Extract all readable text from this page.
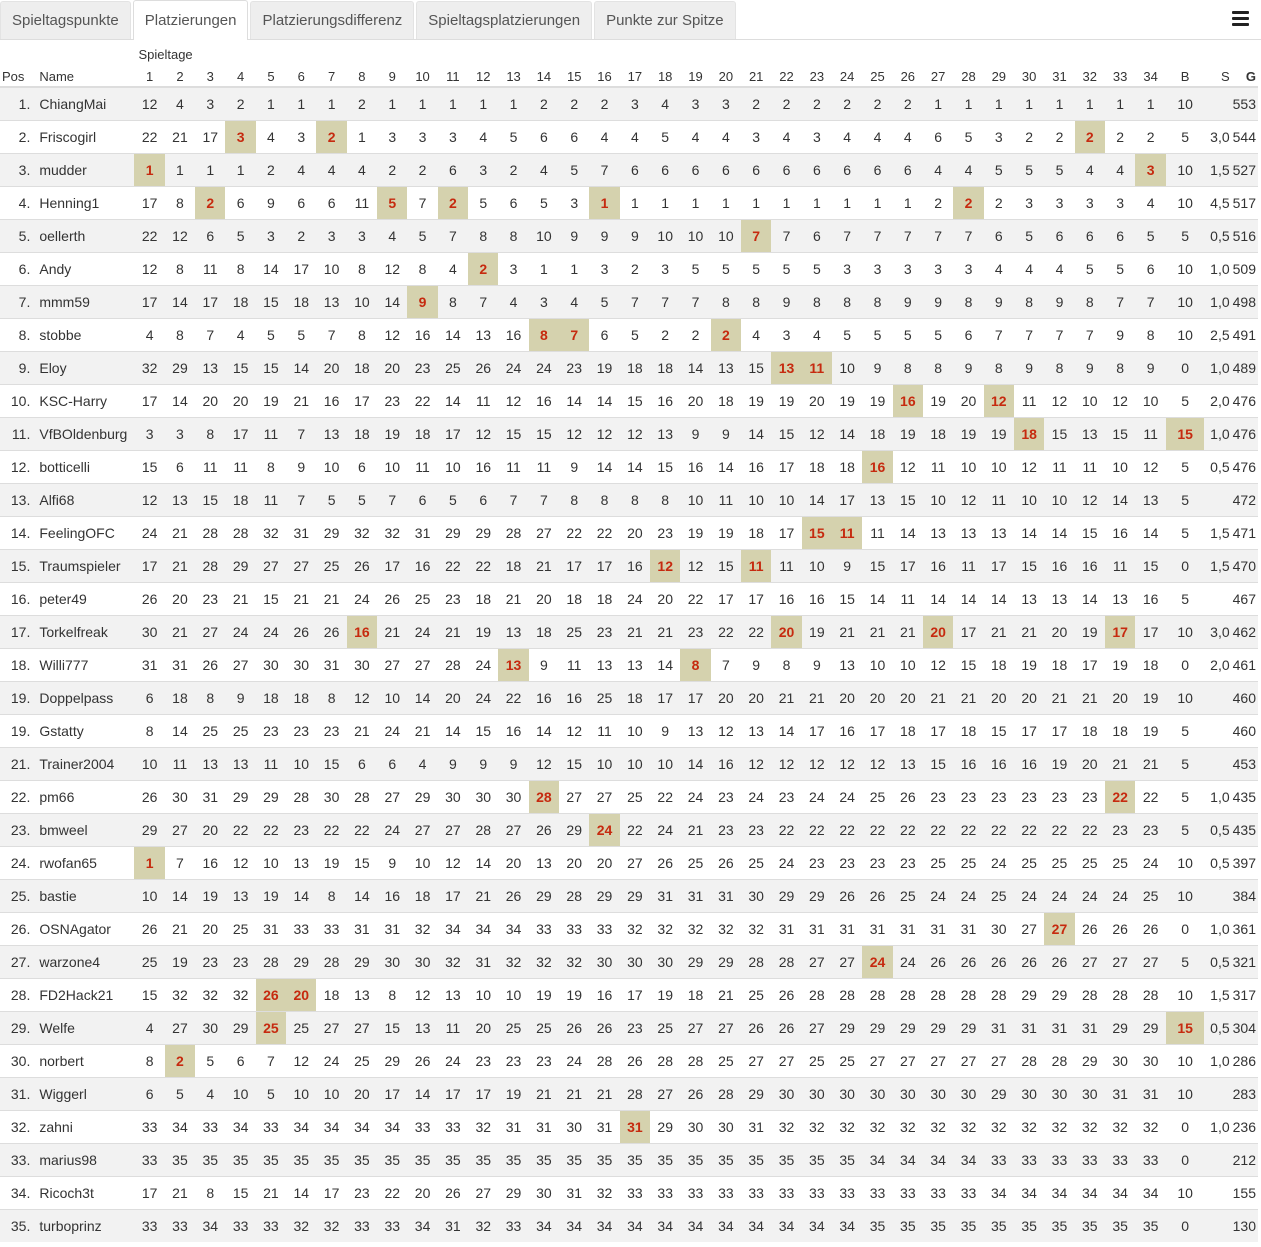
Spieltagspunkte	Platzierungen	Platzierungsdifferenz	Spieltagsplatzierungen	Punkte zur Spitze
		Spieltage																																				
Pos	Name	1	2	3	4	5	6	7	8	9	10	11	12	13	14	15	16	17	18	19	20	21	22	23	24	25	26	27	28	29	30	31	32	33	34	B	S	G
1.	ChiangMai	12	4	3	2	1	1	1	2	1	1	1	1	1	2	2	2	3	4	3	3	2	2	2	2	2	2	1	1	1	1	1	1	1	1	10		553
2.	Friscogirl	22	21	17	3	4	3	2	1	3	3	3	4	5	6	6	4	4	5	4	4	3	4	3	4	4	4	6	5	3	2	2	2	2	2	5	3,0	544
3.	mudder	1	1	1	1	2	4	4	4	2	2	6	3	2	4	5	7	6	6	6	6	6	6	6	6	6	6	4	4	5	5	5	4	4	3	10	1,5	527
4.	Henning1	17	8	2	6	9	6	6	11	5	7	2	5	6	5	3	1	1	1	1	1	1	1	1	1	1	1	2	2	2	3	3	3	3	4	10	4,5	517
5.	oellerth	22	12	6	5	3	2	3	3	4	5	7	8	8	10	9	9	9	10	10	10	7	7	6	7	7	7	7	7	6	5	6	6	6	5	5	0,5	516
6.	Andy	12	8	11	8	14	17	10	8	12	8	4	2	3	1	1	3	2	3	5	5	5	5	5	3	3	3	3	3	4	4	4	5	5	6	10	1,0	509
7.	mmm59	17	14	17	18	15	18	13	10	14	9	8	7	4	3	4	5	7	7	7	8	8	9	8	8	8	9	9	8	9	8	9	8	7	7	10	1,0	498
8.	stobbe	4	8	7	4	5	5	7	8	12	16	14	13	16	8	7	6	5	2	2	2	4	3	4	5	5	5	5	6	7	7	7	7	9	8	10	2,5	491
9.	Eloy	32	29	13	15	15	14	20	18	20	23	25	26	24	24	23	19	18	18	14	13	15	13	11	10	9	8	8	9	8	9	8	9	8	9	0	1,0	489
10.	KSC-Harry	17	14	20	20	19	21	16	17	23	22	14	11	12	16	14	14	15	16	20	18	19	19	20	19	19	16	19	20	12	11	12	10	12	10	5	2,0	476
11.	VfBOldenburg	3	3	8	17	11	7	13	18	19	18	17	12	15	15	12	12	12	13	9	9	14	15	12	14	18	19	18	19	19	18	15	13	15	11	15	1,0	476
12.	botticelli	15	6	11	11	8	9	10	6	10	11	10	16	11	11	9	14	14	15	16	14	16	17	18	18	16	12	11	10	10	12	11	11	10	12	5	0,5	476
13.	Alfi68	12	13	15	18	11	7	5	5	7	6	5	6	7	7	8	8	8	8	10	11	10	10	14	17	13	15	10	12	11	10	10	12	14	13	5		472
14.	FeelingOFC	24	21	28	28	32	31	29	32	32	31	29	29	28	27	22	22	20	23	19	19	18	17	15	11	11	14	13	13	13	14	14	15	16	14	5	1,5	471
15.	Traumspieler	17	21	28	29	27	27	25	26	17	16	22	22	18	21	17	17	16	12	12	15	11	11	10	9	15	17	16	11	17	15	16	16	11	15	0	1,5	470
16.	peter49	26	20	23	21	15	21	21	24	26	25	23	18	21	20	18	18	24	20	22	17	17	16	16	15	14	11	14	14	14	13	13	14	13	16	5		467
17.	Torkelfreak	30	21	27	24	24	26	26	16	21	24	21	19	13	18	25	23	21	21	23	22	22	20	19	21	21	21	20	17	21	21	20	19	17	17	10	3,0	462
18.	Willi777	31	31	26	27	30	30	31	30	27	27	28	24	13	9	11	13	13	14	8	7	9	8	9	13	10	10	12	15	18	19	18	17	19	18	0	2,0	461
19.	Doppelpass	6	18	8	9	18	18	8	12	10	14	20	24	22	16	16	25	18	17	17	20	20	21	21	20	20	20	21	21	20	20	21	21	20	19	10		460
19.	Gstatty	8	14	25	25	23	23	23	21	24	21	14	15	16	14	12	11	10	9	13	12	13	14	17	16	17	18	17	18	15	17	17	18	18	19	5		460
21.	Trainer2004	10	11	13	13	11	10	15	6	6	4	9	9	9	12	15	10	10	10	14	16	12	12	12	12	12	13	15	16	16	16	19	20	21	21	5		453
22.	pm66	26	30	31	29	29	28	30	28	27	29	30	30	30	28	27	27	25	22	24	23	24	23	24	24	25	26	23	23	23	23	23	23	22	22	5	1,0	435
23.	bmweel	29	27	20	22	22	23	22	22	24	27	27	28	27	26	29	24	22	24	21	23	23	22	22	22	22	22	22	22	22	22	22	22	23	23	5	0,5	435
24.	rwofan65	1	7	16	12	10	13	19	15	9	10	12	14	20	13	20	20	27	26	25	26	25	24	23	23	23	23	25	25	24	25	25	25	25	24	10	0,5	397
25.	bastie	10	14	19	13	19	14	8	14	16	18	17	21	26	29	28	29	29	31	31	31	30	29	29	26	26	25	24	24	25	24	24	24	24	25	10		384
26.	OSNAgator	26	21	20	25	31	33	33	31	31	32	34	34	34	33	33	33	32	32	32	32	32	31	31	31	31	31	31	31	30	27	27	26	26	26	0	1,0	361
27.	warzone4	25	19	23	23	28	29	28	29	30	30	32	31	32	32	32	30	30	30	29	29	28	28	27	27	24	24	26	26	26	26	26	27	27	27	5	0,5	321
28.	FD2Hack21	15	32	32	32	26	20	18	13	8	12	13	10	10	19	19	16	17	19	18	21	25	26	28	28	28	28	28	28	28	29	29	28	28	28	10	1,5	317
29.	Welfe	4	27	30	29	25	25	27	27	15	13	11	20	25	25	26	26	23	25	27	27	26	26	27	29	29	29	29	29	31	31	31	31	29	29	15	0,5	304
30.	norbert	8	2	5	6	7	12	24	25	29	26	24	23	23	23	24	28	26	28	28	25	27	27	25	25	27	27	27	27	27	28	28	29	30	30	10	1,0	286
31.	Wiggerl	6	5	4	10	5	10	10	20	17	14	17	17	19	21	21	21	28	27	26	28	29	30	30	30	30	30	30	30	29	30	30	30	31	31	10		283
32.	zahni	33	34	33	34	33	34	34	34	34	33	33	32	31	31	30	31	31	29	30	30	31	32	32	32	32	32	32	32	32	32	32	32	32	32	0	1,0	236
33.	marius98	33	35	35	35	35	35	35	35	35	35	35	35	35	35	35	35	35	35	35	35	35	35	35	35	34	34	34	34	33	33	33	33	33	33	0		212
34.	Ricoch3t	17	21	8	15	21	14	17	23	22	20	26	27	29	30	31	32	33	33	33	33	33	33	33	33	33	33	33	33	34	34	34	34	34	34	10		155
35.	turboprinz	33	33	34	33	33	32	32	33	33	34	31	32	33	34	34	34	34	34	34	34	34	34	34	34	35	35	35	35	35	35	35	35	35	35	0		130
